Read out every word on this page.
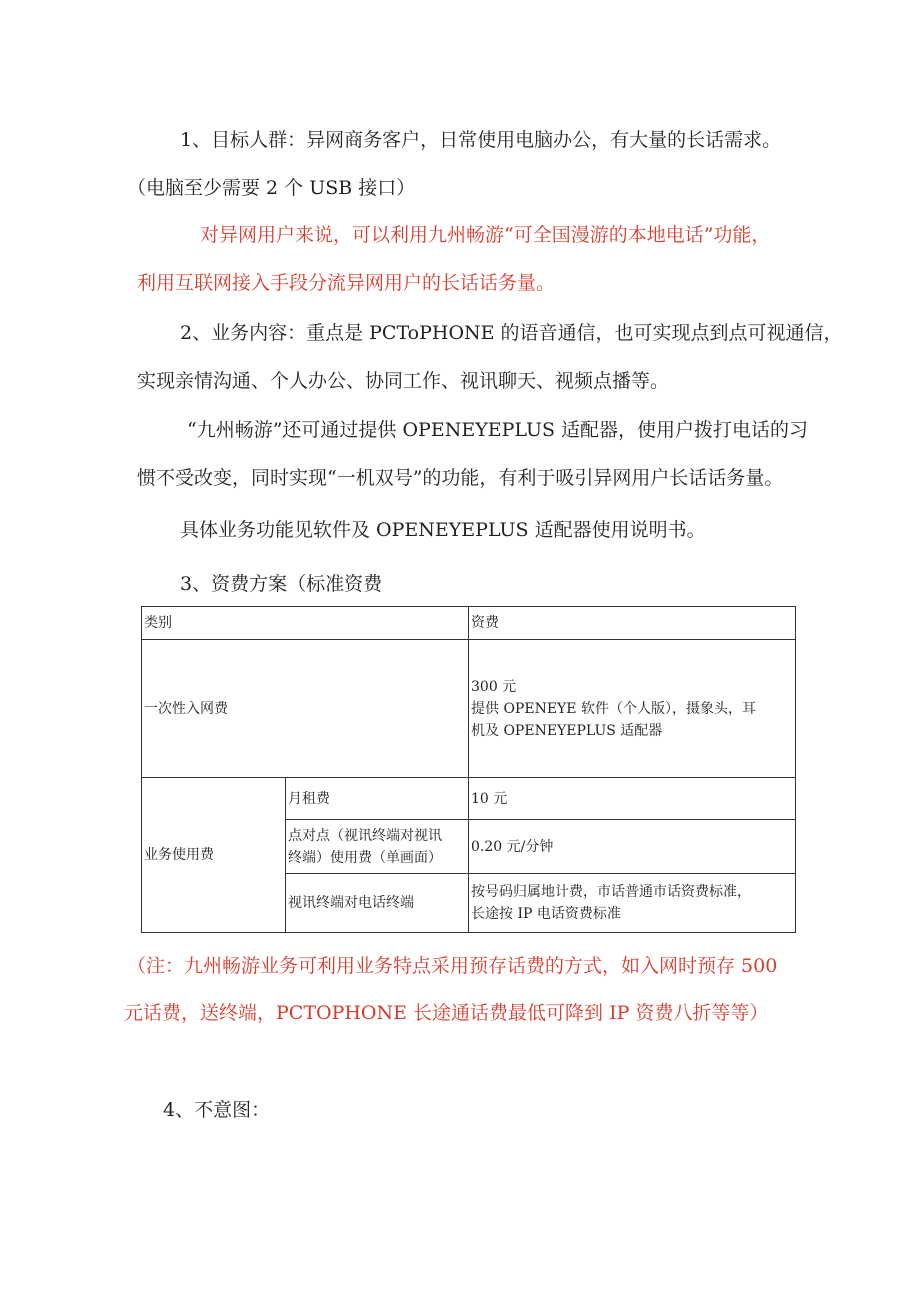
1、目标人群：异网商务客户，日常使用电脑办公，有大量的长话需求。
（电脑至少需要 2 个 USB 接口）
对异网用户来说，可以利用九州畅游“可全国漫游的本地电话”功能，
利用互联网接入手段分流异网用户的长话话务量。
2、业务内容：重点是 PCToPHONE 的语音通信，也可实现点到点可视通信，
实现亲情沟通、个人办公、协同工作、视讯聊天、视频点播等。
“九州畅游”还可通过提供 OPENEYEPLUS 适配器，使用户拨打电话的习
惯不受改变，同时实现“一机双号”的功能，有利于吸引异网用户长话话务量。
具体业务功能见软件及 OPENEYEPLUS 适配器使用说明书。
3、资费方案（标准资费
类别		资费
一次性入网费		300 元
提供 OPENEYE 软件（个人版），摄象头，耳
机及 OPENEYEPLUS 适配器

业务使用费	月租费	10 元

	点对点（视讯终端对视讯
终端）使用费（单画面）	0.20 元/分钟

	视讯终端对电话终端	按号码归属地计费，市话普通市话资费标准，
长途按 IP 电话资费标准
（注：九州畅游业务可利用业务特点采用预存话费的方式，如入网时预存 500
元话费，送终端，PCTOPHONE 长途通话费最低可降到 IP 资费八折等等）
4、不意图：
